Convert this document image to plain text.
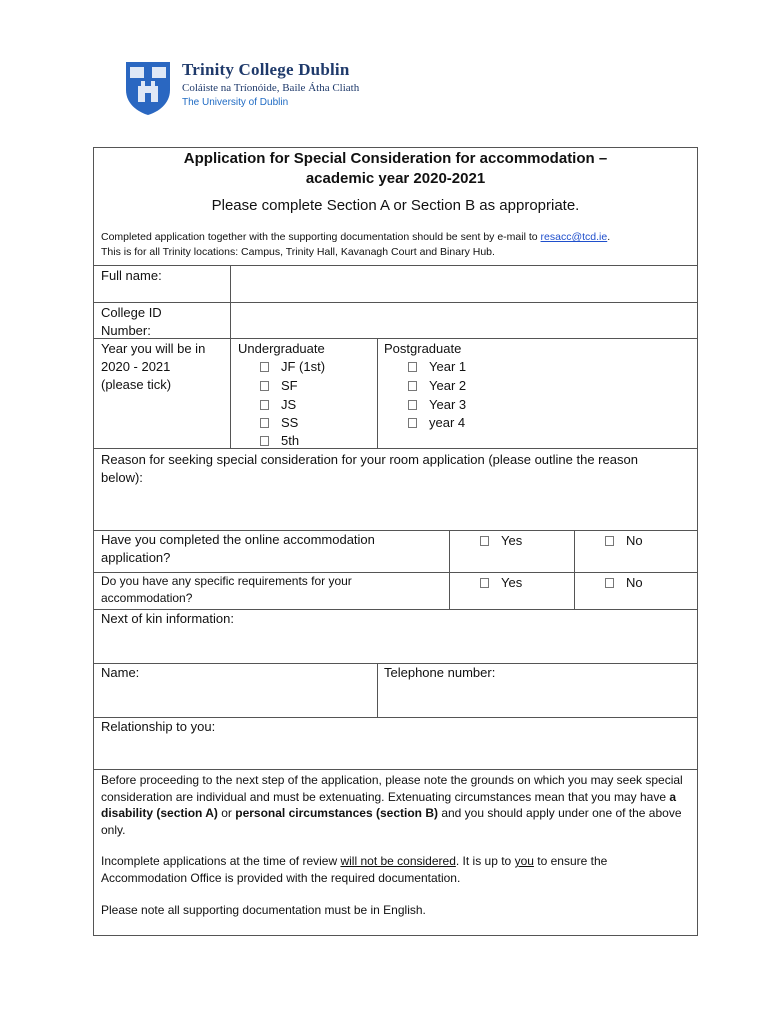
Trinity College Dublin
Coláiste na Tríonóide, Baile Átha Cliath
The University of Dublin
Application for Special Consideration for accommodation –
academic year 2020-2021
Please complete Section A or Section B as appropriate.
Completed application together with the supporting documentation should be sent by e-mail to resacc@tcd.ie.
This is for all Trinity locations: Campus, Trinity Hall, Kavanagh Court and Binary Hub.
Full name:
College ID
Number:
Year you will be in
2020 - 2021
(please tick)
Undergraduate
JF (1st)
SF
JS
SS
5th
Postgraduate
Year 1
Year 2
Year 3
year 4
Reason for seeking special consideration for your room application (please outline the reason
below):
Have you completed the online accommodation
application?
Yes	No
Do you have any specific requirements for your
accommodation?
Yes	No
Next of kin information:
Name:	Telephone number:
Relationship to you:
Before proceeding to the next step of the application, please note the grounds on which you may seek special consideration are individual and must be extenuating. Extenuating circumstances mean that you may have a disability (section A) or personal circumstances (section B) and you should apply under one of the above only.
Incomplete applications at the time of review will not be considered. It is up to you to ensure the Accommodation Office is provided with the required documentation.
Please note all supporting documentation must be in English.
